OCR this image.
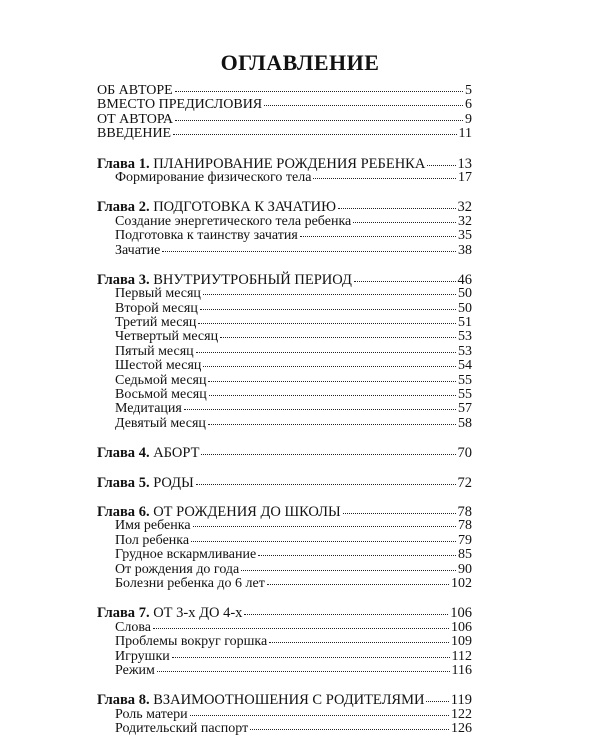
ОГЛАВЛЕНИЕ
ОБ АВТОРЕ	5
ВМЕСТО ПРЕДИСЛОВИЯ	6
ОТ АВТОРА	9
ВВЕДЕНИЕ	11
Глава 1. ПЛАНИРОВАНИЕ РОЖДЕНИЯ РЕБЕНКА 13
Формирование физического тела	17
Глава 2. ПОДГОТОВКА К ЗАЧАТИЮ	32
Создание энергетического тела ребенка	32
Подготовка к таинству зачатия	35
Зачатие	38
Глава 3. ВНУТРИУТРОБНЫЙ ПЕРИОД	46
Первый месяц	50
Второй месяц	50
Третий месяц	51
Четвертый месяц	53
Пятый месяц	53
Шестой месяц	54
Седьмой месяц	55
Восьмой месяц	55
Медитация	57
Девятый месяц	58
Глава 4. АБОРТ	70
Глава 5. РОДЫ	72
Глава 6. ОТ РОЖДЕНИЯ ДО ШКОЛЫ	78
Имя ребенка	78
Пол ребенка	79
Грудное вскармливание	85
От рождения до года	90
Болезни ребенка до 6 лет	102
Глава 7. ОТ 3-х ДО 4-х	106
Слова	106
Проблемы вокруг горшка	109
Игрушки	112
Режим	116
Глава 8. ВЗАИМООТНОШЕНИЯ С РОДИТЕЛЯМИ 119
Роль матери	122
Родительский паспорт	126
